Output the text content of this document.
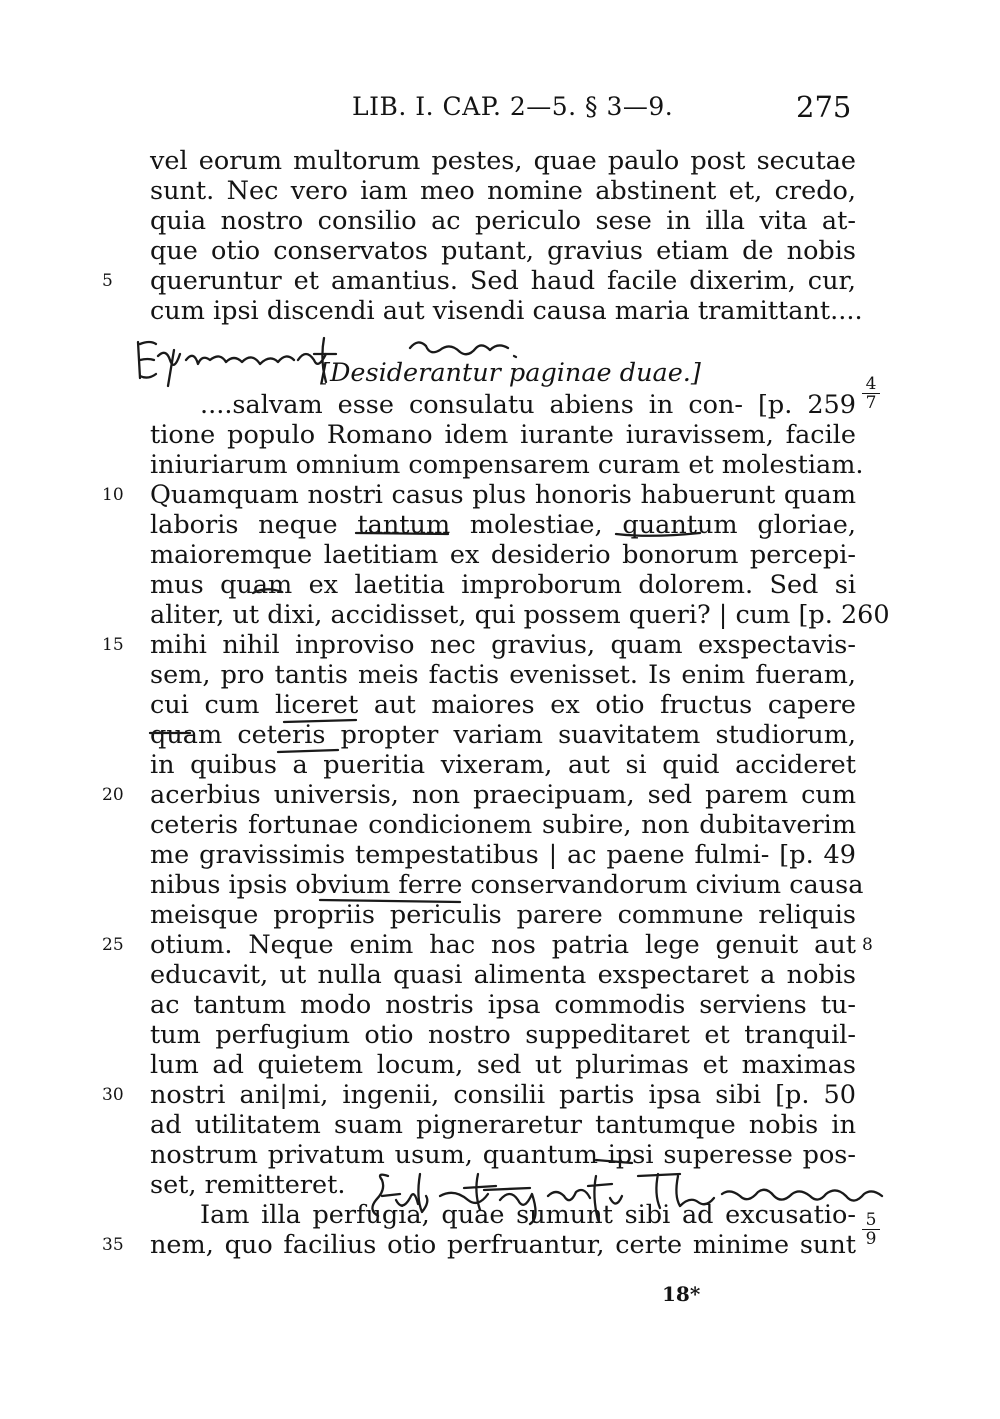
LIB. I. CAP. 2—5. § 3—9.	275
vel eorum multorum pestes, quae paulo post secutae
sunt. Nec vero iam meo nomine abstinent et, credo,
quia nostro consilio ac periculo sese in illa vita at-
que otio conservatos putant, gravius etiam de nobis
queruntur et amantius. Sed haud facile dixerim, cur,
cum ipsi discendi aut visendi causa maria tramittant....
[Desiderantur paginae duae.]
....salvam esse consulatu abiens in con- [p. 259
tione populo Romano idem iurante iuravissem, facile
iniuriarum omnium compensarem curam et molestiam.
Quamquam nostri casus plus honoris habuerunt quam
laboris neque tantum molestiae, quantum gloriae,
maioremque laetitiam ex desiderio bonorum percepi-
mus quam ex laetitia improborum dolorem. Sed si
aliter, ut dixi, accidisset, qui possem queri? | cum [p. 260
mihi nihil inproviso nec gravius, quam exspectavis-
sem, pro tantis meis factis evenisset. Is enim fueram,
cui cum liceret aut maiores ex otio fructus capere
quam ceteris propter variam suavitatem studiorum,
in quibus a pueritia vixeram, aut si quid accideret
acerbius universis, non praecipuam, sed parem cum
ceteris fortunae condicionem subire, non dubitaverim
me gravissimis tempestatibus | ac paene fulmi- [p. 49
nibus ipsis obvium ferre conservandorum civium causa
meisque propriis periculis parere commune reliquis
otium. Neque enim hac nos patria lege genuit aut
educavit, ut nulla quasi alimenta exspectaret a nobis
ac tantum modo nostris ipsa commodis serviens tu-
tum perfugium otio nostro suppeditaret et tranquil-
lum ad quietem locum, sed ut plurimas et maximas
nostri ani|mi, ingenii, consilii partis ipsa sibi [p. 50
ad utilitatem suam pigneraretur tantumque nobis in
nostrum privatum usum, quantum ipsi superesse pos-
set, remitteret.
Iam illa perfugia, quae sumunt sibi ad excusatio-
nem, quo facilius otio perfruantur, certe minime sunt
5
10
15
20
25
30
35
4
7
8
5
9
18*
